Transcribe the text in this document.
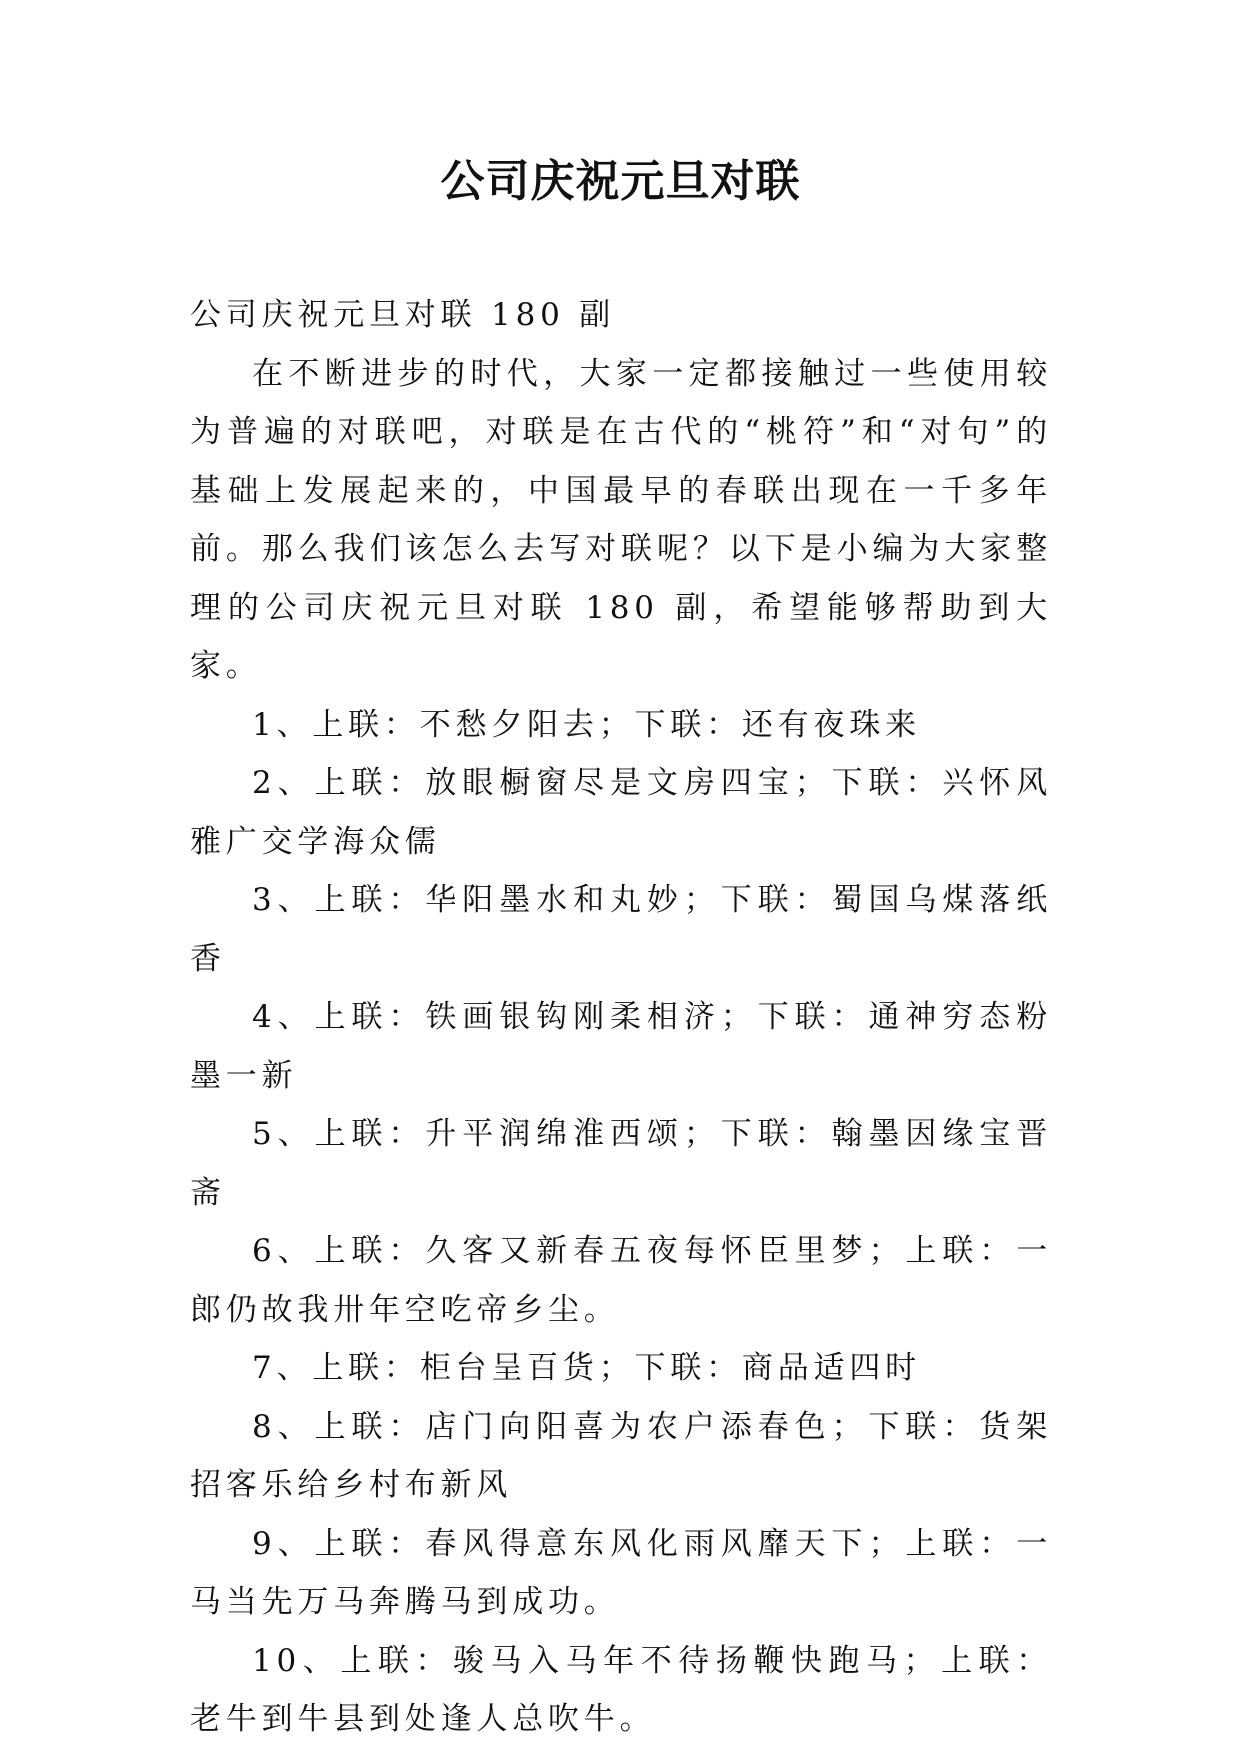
公司庆祝元旦对联

公司庆祝元旦对联 180 副

在不断进步的时代，大家一定都接触过一些使用较为普遍的对联吧，对联是在古代的“桃符”和“对句”的基础上发展起来的，中国最早的春联出现在一千多年前。那么我们该怎么去写对联呢？以下是小编为大家整理的公司庆祝元旦对联 180 副，希望能够帮助到大家。

1、上联：不愁夕阳去；下联：还有夜珠来

2、上联：放眼橱窗尽是文房四宝；下联：兴怀风雅广交学海众儒

3、上联：华阳墨水和丸妙；下联：蜀国乌煤落纸香

4、上联：铁画银钩刚柔相济；下联：通神穷态粉墨一新

5、上联：升平润绵淮西颂；下联：翰墨因缘宝晋斋

6、上联：久客又新春五夜每怀臣里梦；上联：一郎仍故我卅年空吃帝乡尘。

7、上联：柜台呈百货；下联：商品适四时

8、上联：店门向阳喜为农户添春色；下联：货架招客乐给乡村布新风

9、上联：春风得意东风化雨风靡天下；上联：一马当先万马奔腾马到成功。

10、上联：骏马入马年不待扬鞭快跑马；上联：老牛到牛县到处逢人总吹牛。
